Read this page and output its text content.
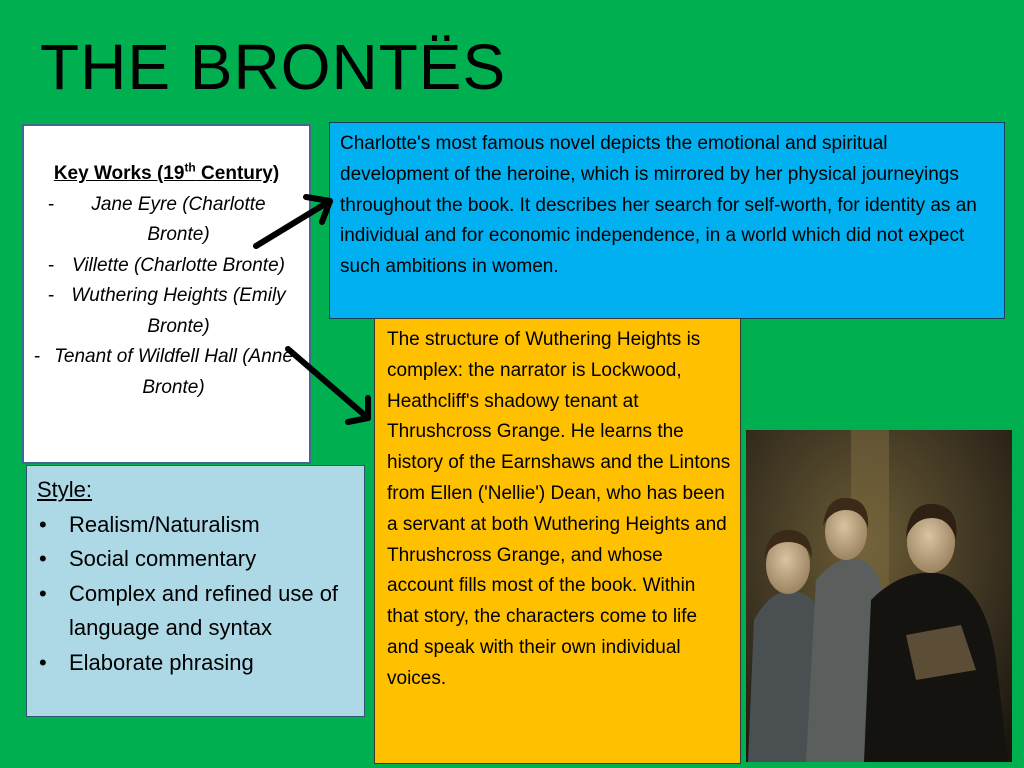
THE BRONTËS
Key Works (19th Century)
- Jane Eyre (Charlotte Bronte)
- Villette (Charlotte Bronte)
- Wuthering Heights (Emily Bronte)
- Tenant of Wildfell Hall (Anne Bronte)
Charlotte's most famous novel depicts the emotional and spiritual development of the heroine, which is mirrored by her physical journeyings throughout the book. It describes her search for self-worth, for identity as an individual and for economic independence, in a world which did not expect such ambitions in women.
The structure of Wuthering Heights is complex: the narrator is Lockwood, Heathcliff's shadowy tenant at Thrushcross Grange. He learns the history of the Earnshaws and the Lintons from Ellen ('Nellie') Dean, who has been a servant at both Wuthering Heights and Thrushcross Grange, and whose account fills most of the book. Within that story, the characters come to life and speak with their own individual voices.
Style:
• Realism/Naturalism
• Social commentary
• Complex and refined use of language and syntax
• Elaborate phrasing
